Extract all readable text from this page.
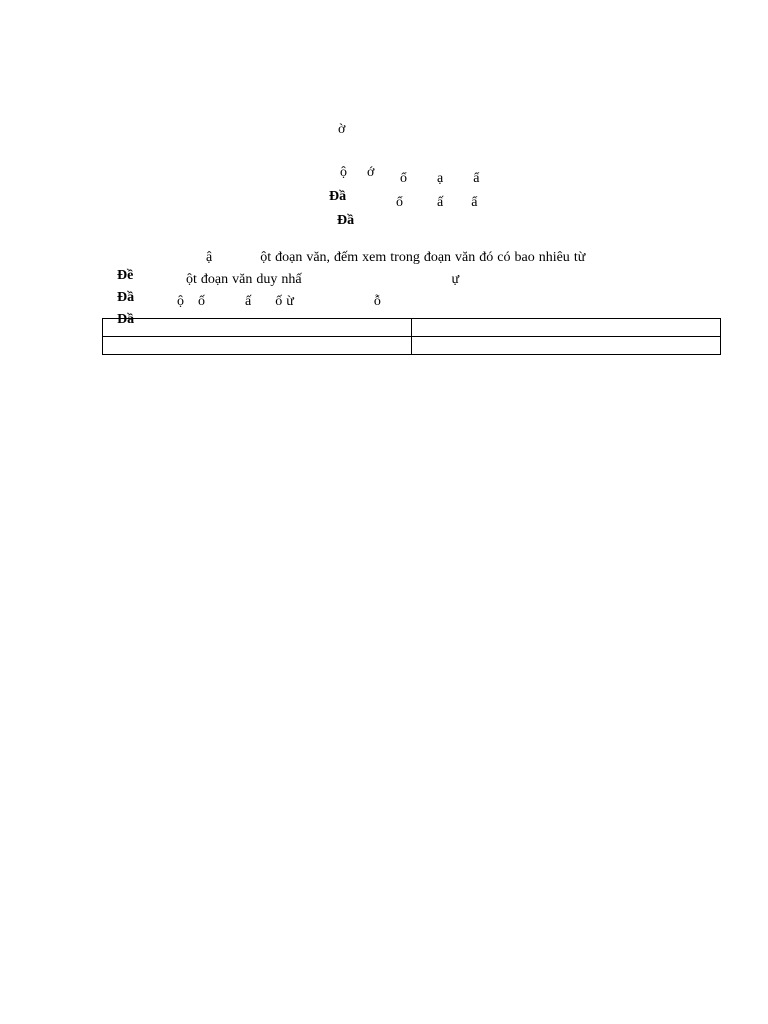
ờ

ộ ớ

Đầ

ổ ạ ẩ

Đầ

ổ ấ ẩ

Đề

ậ	ột đoạn văn, đếm xem trong đoạn văn đó có bao nhiêu từ

Đầ

ột đoạn văn duy nhấ	ự

Đầ

ộ ố	ấ ố ừ	ỗ
